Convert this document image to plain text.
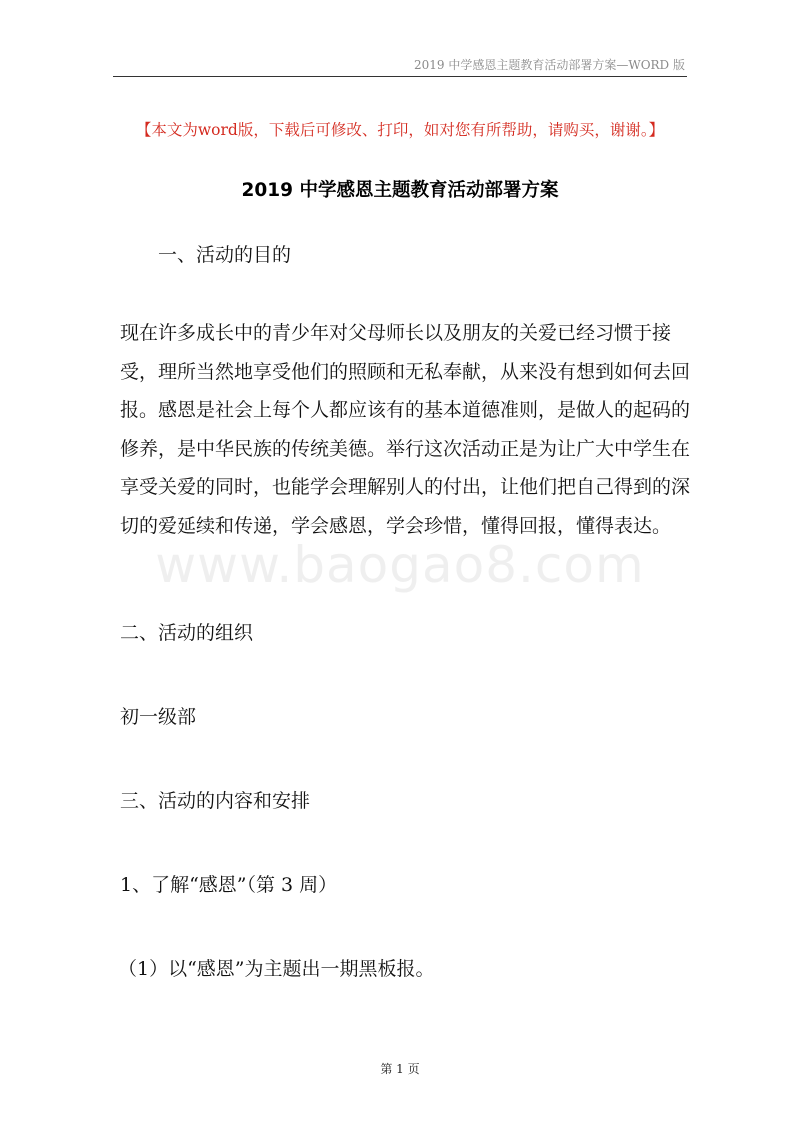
2019 中学感恩主题教育活动部署方案—WORD 版
【本文为word版，下载后可修改、打印，如对您有所帮助，请购买，谢谢。】
2019 中学感恩主题教育活动部署方案
一、活动的目的
现在许多成长中的青少年对父母师长以及朋友的关爱已经习惯于接
受，理所当然地享受他们的照顾和无私奉献，从来没有想到如何去回
报。感恩是社会上每个人都应该有的基本道德准则，是做人的起码的
修养，是中华民族的传统美德。举行这次活动正是为让广大中学生在
享受关爱的同时，也能学会理解别人的付出，让他们把自己得到的深
切的爱延续和传递，学会感恩，学会珍惜，懂得回报，懂得表达。
www.baogao8.com
二、活动的组织
初一级部
三、活动的内容和安排
1、了解“感恩”（第 3 周）
（1）以“感恩”为主题出一期黑板报。
第 1 页
